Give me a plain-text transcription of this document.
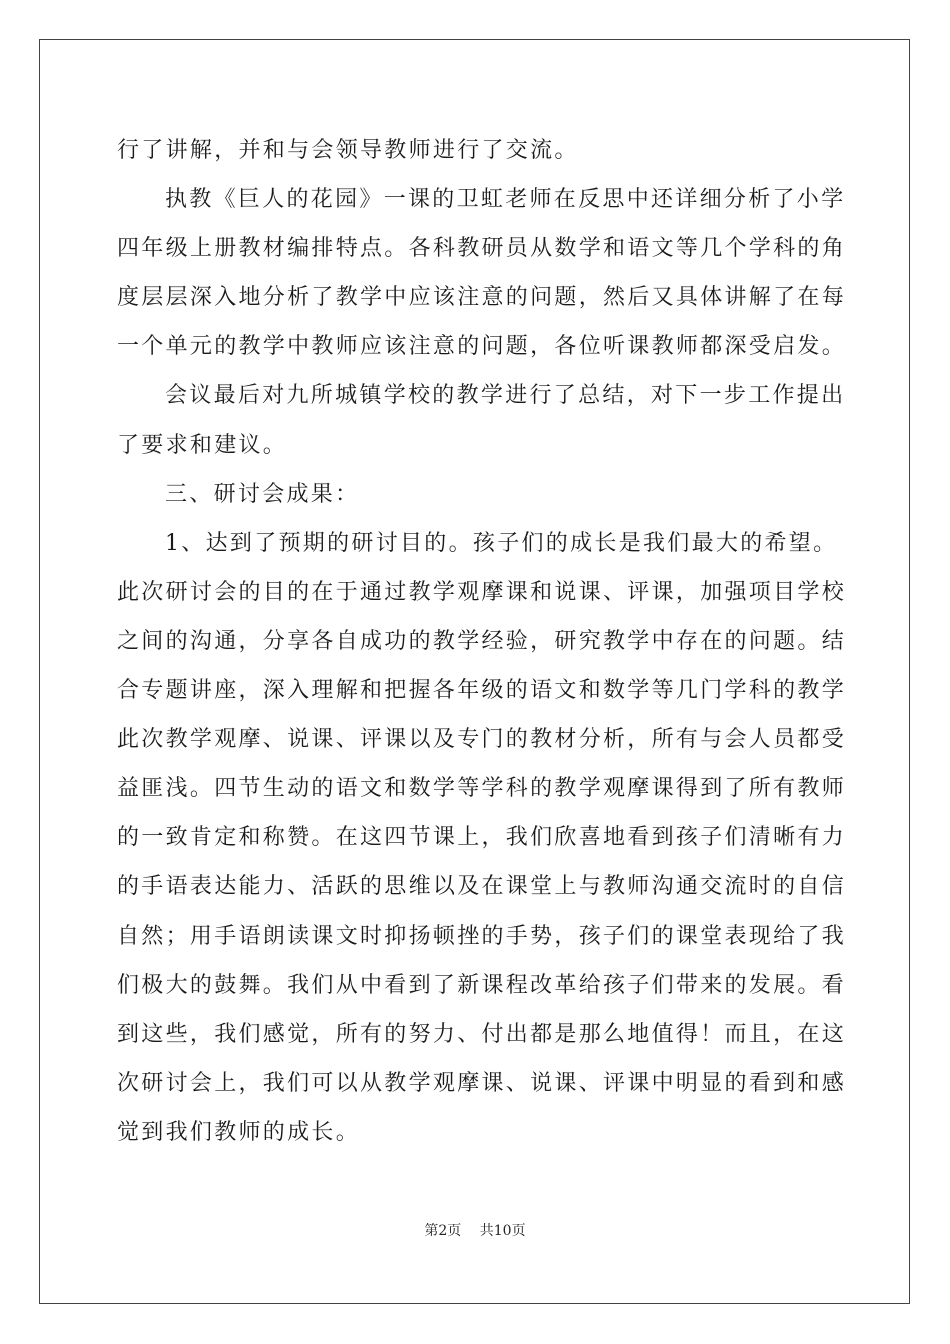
行了讲解，并和与会领导教师进行了交流。
执教《巨人的花园》一课的卫虹老师在反思中还详细分析了小学
四年级上册教材编排特点。各科教研员从数学和语文等几个学科的角
度层层深入地分析了教学中应该注意的问题，然后又具体讲解了在每
一个单元的教学中教师应该注意的问题，各位听课教师都深受启发。
会议最后对九所城镇学校的教学进行了总结，对下一步工作提出
了要求和建议。
三、研讨会成果：
1、达到了预期的研讨目的。孩子们的成长是我们最大的希望。
此次研讨会的目的在于通过教学观摩课和说课、评课，加强项目学校
之间的沟通，分享各自成功的教学经验，研究教学中存在的问题。结
合专题讲座，深入理解和把握各年级的语文和数学等几门学科的教学
此次教学观摩、说课、评课以及专门的教材分析，所有与会人员都受
益匪浅。四节生动的语文和数学等学科的教学观摩课得到了所有教师
的一致肯定和称赞。在这四节课上，我们欣喜地看到孩子们清晰有力
的手语表达能力、活跃的思维以及在课堂上与教师沟通交流时的自信
自然；用手语朗读课文时抑扬顿挫的手势，孩子们的课堂表现给了我
们极大的鼓舞。我们从中看到了新课程改革给孩子们带来的发展。看
到这些，我们感觉，所有的努力、付出都是那么地值得！而且，在这
次研讨会上，我们可以从教学观摩课、说课、评课中明显的看到和感
觉到我们教师的成长。
第2页 共10页
